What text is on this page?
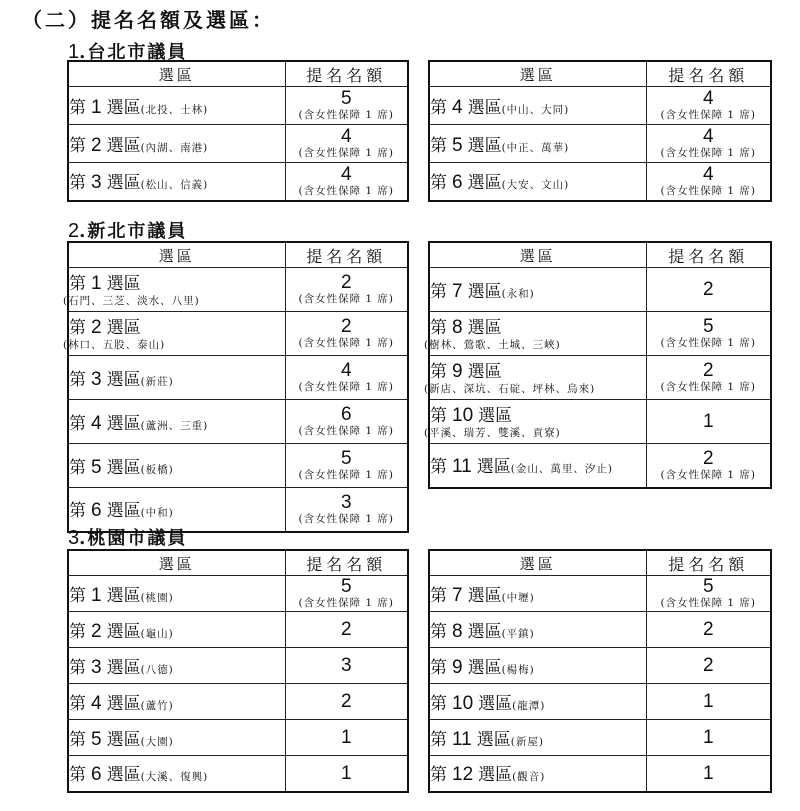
（二）提名名額及選區：
1.台北市議員
2.新北市議員
3.桃園市議員
選區	提名名額
第 1 選區(北投、士林)	5
(含女性保障 1 席)

第 2 選區(內湖、南港)	4
(含女性保障 1 席)

第 3 選區(松山、信義)	4
(含女性保障 1 席)
選區	提名名額
第 4 選區(中山、大同)	4
(含女性保障 1 席)

第 5 選區(中正、萬華)	4
(含女性保障 1 席)

第 6 選區(大安、文山)	4
(含女性保障 1 席)
選區	提名名額

第 1 選區
(石門、三芝、淡水、八里)	2
(含女性保障 1 席)

第 2 選區
(林口、五股、泰山)	2
(含女性保障 1 席)

第 3 選區(新莊)	4
(含女性保障 1 席)

第 4 選區(蘆洲、三重)	6
(含女性保障 1 席)

第 5 選區(板橋)	5
(含女性保障 1 席)

第 6 選區(中和)	3
(含女性保障 1 席)
選區	提名名額
第 7 選區(永和)	2

第 8 選區
(樹林、鶯歌、土城、三峽)	5
(含女性保障 1 席)

第 9 選區
(新店、深坑、石碇、坪林、烏來)	2
(含女性保障 1 席)

第 10 選區
(平溪、瑞芳、雙溪、貢寮)	1

第 11 選區(金山、萬里、汐止)	2
(含女性保障 1 席)
選區	提名名額
第 1 選區(桃園)	5
(含女性保障 1 席)

第 2 選區(龜山)	2

第 3 選區(八德)	3

第 4 選區(蘆竹)	2

第 5 選區(大園)	1

第 6 選區(大溪、復興)	1
選區	提名名額
第 7 選區(中壢)	5
(含女性保障 1 席)

第 8 選區(平鎮)	2

第 9 選區(楊梅)	2

第 10 選區(龍潭)	1

第 11 選區(新屋)	1

第 12 選區(觀音)	1
